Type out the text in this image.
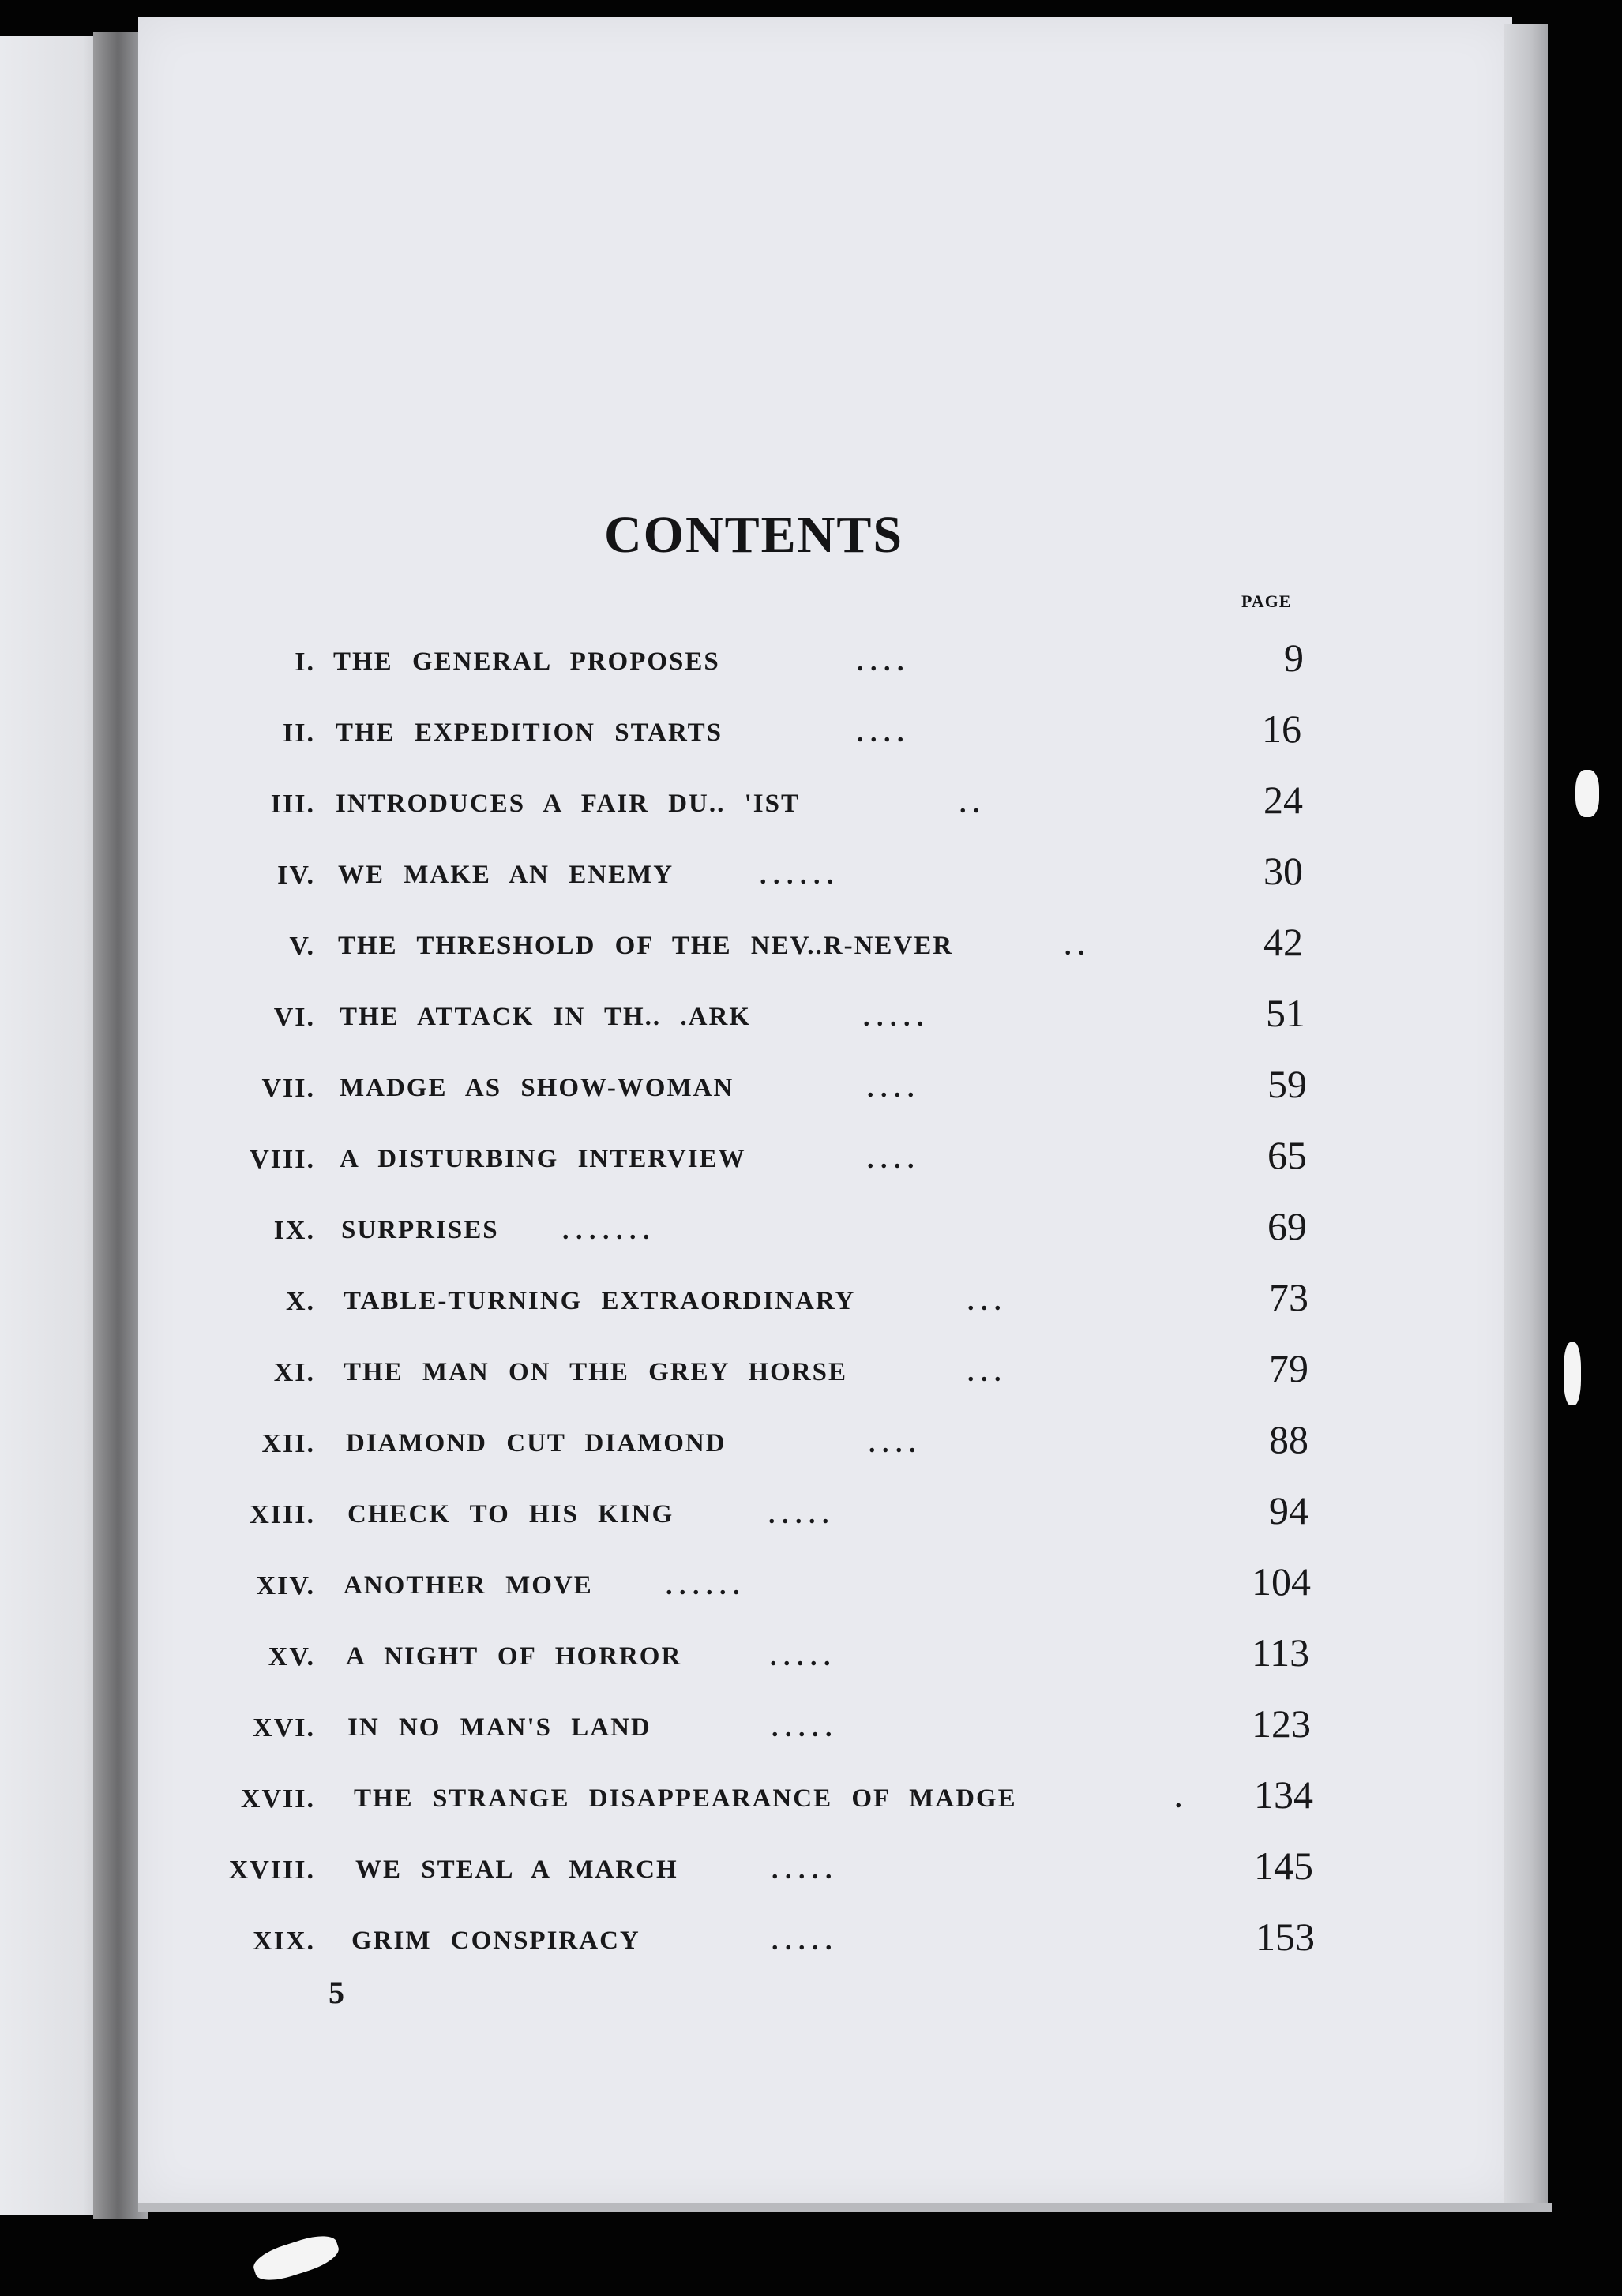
CONTENTS
PAGE
I. THE GENERAL PROPOSES	. . . .	9
II. THE EXPEDITION STARTS	. . . .	16
III. INTRODUCES A FAIR DU.. 'IST	. .	24
IV. WE MAKE AN ENEMY	. . . . . .	30
V. THE THRESHOLD OF THE NEV..R-NEVER	. .	42
VI. THE ATTACK IN TH.. .ARK	. . . . .	51
VII. MADGE AS SHOW-WOMAN	. . . .	59
VIII. A DISTURBING INTERVIEW	. . . .	65
IX. SURPRISES . . . . . . .	69
X. TABLE-TURNING EXTRAORDINARY	. . .	73
XI. THE MAN ON THE GREY HORSE	. . .	79
XII. DIAMOND CUT DIAMOND	. . . .	88
XIII. CHECK TO HIS KING	. . . . .	94
XIV. ANOTHER MOVE	. . . . . .	104
XV. A NIGHT OF HORROR	. . . . .	113
XVI. IN NO MAN'S LAND	. . . . .	123
XVII. THE STRANGE DISAPPEARANCE OF MADGE	. 134
XVIII. WE STEAL A MARCH	. . . . .	145
XIX. GRIM CONSPIRACY	. . . . .	153
5
